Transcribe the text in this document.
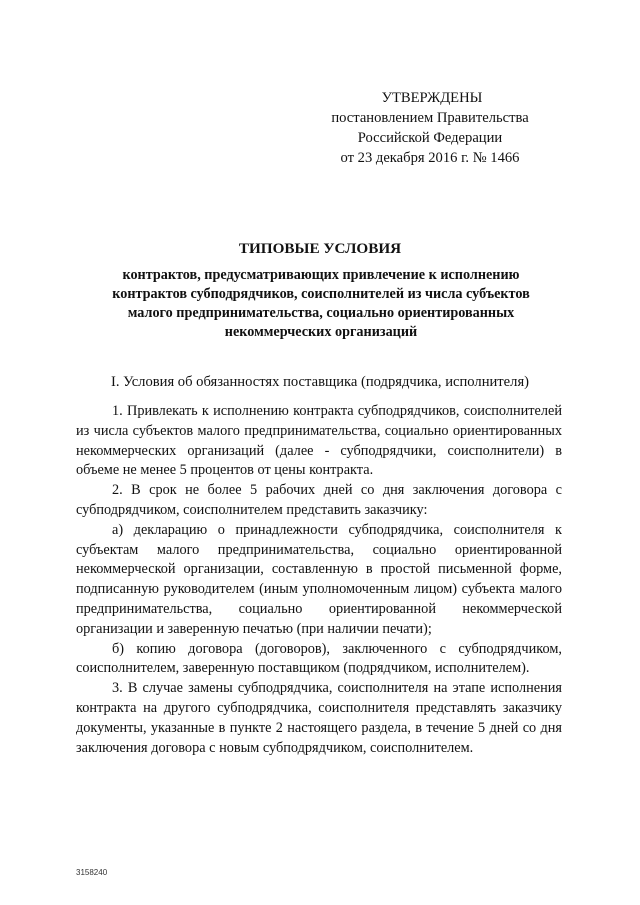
УТВЕРЖДЕНЫ
постановлением Правительства
Российской Федерации
от 23 декабря 2016 г. № 1466
ТИПОВЫЕ УСЛОВИЯ
контрактов, предусматривающих привлечение к исполнению контрактов субподрядчиков, соисполнителей из числа субъектов малого предпринимательства, социально ориентированных некоммерческих организаций
I. Условия об обязанностях поставщика (подрядчика, исполнителя)

1. Привлекать к исполнению контракта субподрядчиков, соисполнителей из числа субъектов малого предпринимательства, социально ориентированных некоммерческих организаций (далее - субподрядчики, соисполнители) в объеме не менее 5 процентов от цены контракта.

2. В срок не более 5 рабочих дней со дня заключения договора с субподрядчиком, соисполнителем представить заказчику:

а) декларацию о принадлежности субподрядчика, соисполнителя к субъектам малого предпринимательства, социально ориентированной некоммерческой организации, составленную в простой письменной форме, подписанную руководителем (иным уполномоченным лицом) субъекта малого предпринимательства, социально ориентированной некоммерческой организации и заверенную печатью (при наличии печати);

б) копию договора (договоров), заключенного с субподрядчиком, соисполнителем, заверенную поставщиком (подрядчиком, исполнителем).

3. В случае замены субподрядчика, соисполнителя на этапе исполнения контракта на другого субподрядчика, соисполнителя представлять заказчику документы, указанные в пункте 2 настоящего раздела, в течение 5 дней со дня заключения договора с новым субподрядчиком, соисполнителем.

3158240
